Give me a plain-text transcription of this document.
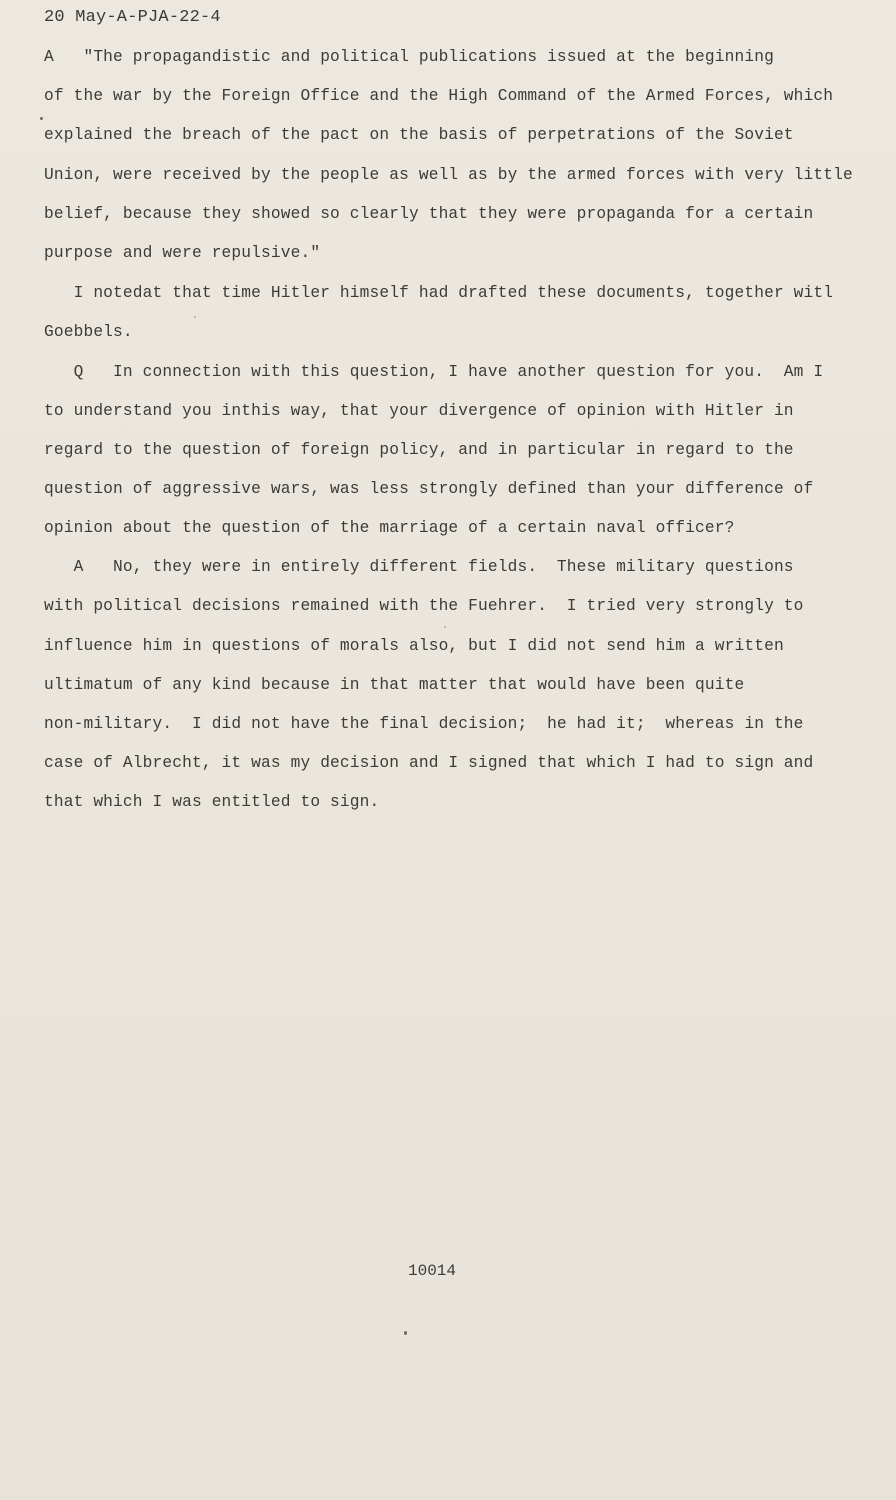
20 May-A-PJA-22-4
A   "The propagandistic and political publications issued at the beginning
of the war by the Foreign Office and the High Command of the Armed Forces, which
explained the breach of the pact on the basis of perpetrations of the Soviet
Union, were received by the people as well as by the armed forces with very little
belief, because they showed so clearly that they were propaganda for a certain
purpose and were repulsive."
I notedat that time Hitler himself had drafted these documents, together witl
Goebbels.
Q   In connection with this question, I have another question for you.  Am I
to understand you inthis way, that your divergence of opinion with Hitler in
regard to the question of foreign policy, and in particular in regard to the
question of aggressive wars, was less strongly defined than your difference of
opinion about the question of the marriage of a certain naval officer?
A   No, they were in entirely different fields.  These military questions
with political decisions remained with the Fuehrer.  I tried very strongly to
influence him in questions of morals also, but I did not send him a written
ultimatum of any kind because in that matter that would have been quite
non-military.  I did not have the final decision;  he had it;  whereas in the
case of Albrecht, it was my decision and I signed that which I had to sign and
that which I was entitled to sign.
10014
